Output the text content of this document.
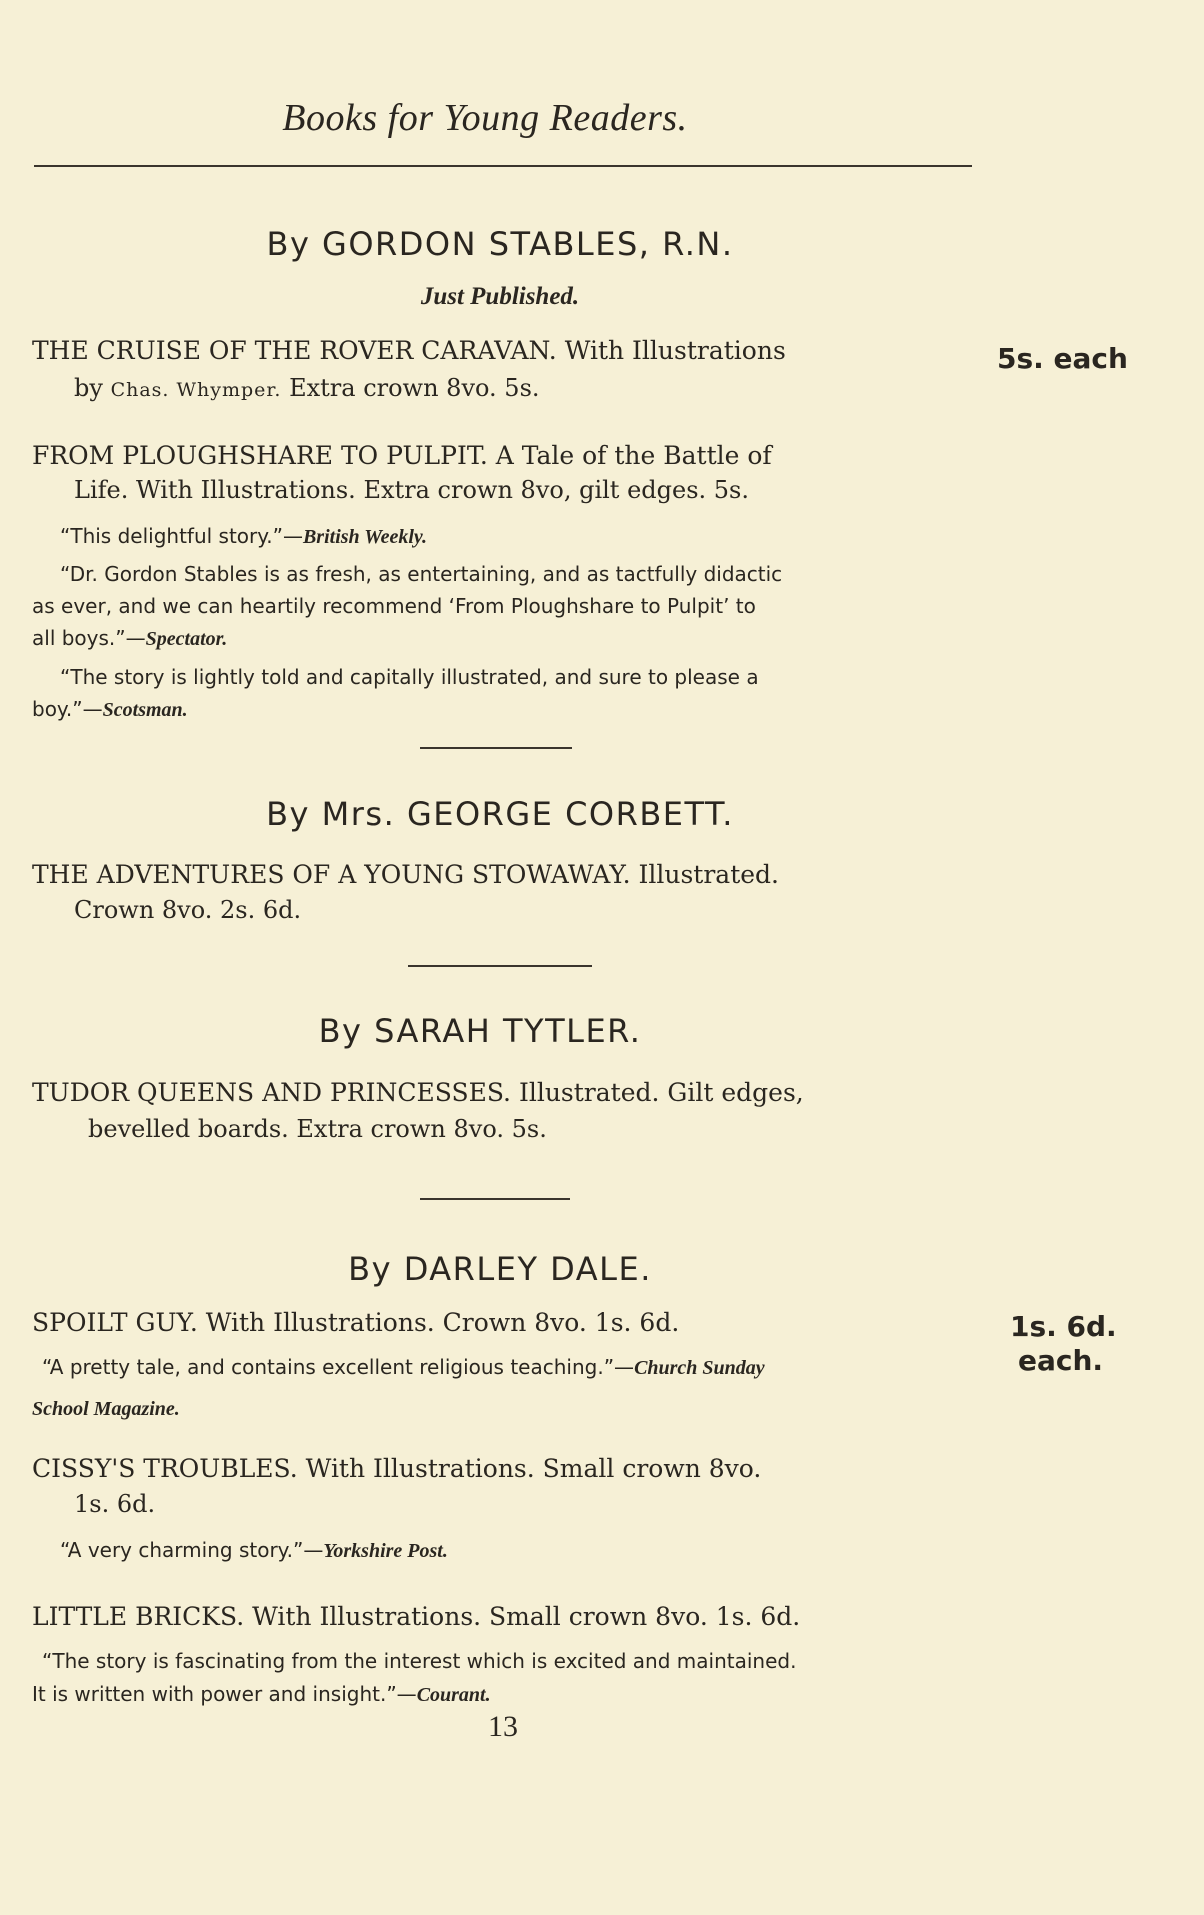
Books for Young Readers.
By GORDON STABLES, R.N.
Just Published.
THE CRUISE OF THE ROVER CARAVAN. With Illustrations	5s. each
by Chas. Whymper. Extra crown 8vo. 5s.
FROM PLOUGHSHARE TO PULPIT. A Tale of the Battle of
Life. With Illustrations. Extra crown 8vo, gilt edges. 5s.
“This delightful story.”—British Weekly.
“Dr. Gordon Stables is as fresh, as entertaining, and as tactfully didactic
as ever, and we can heartily recommend ‘From Ploughshare to Pulpit’ to
all boys.”—Spectator.
“The story is lightly told and capitally illustrated, and sure to please a
boy.”—Scotsman.
By Mrs. GEORGE CORBETT.
THE ADVENTURES OF A YOUNG STOWAWAY. Illustrated.
Crown 8vo. 2s. 6d.
By SARAH TYTLER.
TUDOR QUEENS AND PRINCESSES. Illustrated. Gilt edges,
bevelled boards. Extra crown 8vo. 5s.
By DARLEY DALE.
SPOILT GUY. With Illustrations. Crown 8vo. 1s. 6d.	1s. 6d.
each.
“A pretty tale, and contains excellent religious teaching.”—Church Sunday
School Magazine.
CISSY'S TROUBLES. With Illustrations. Small crown 8vo.
1s. 6d.
“A very charming story.”—Yorkshire Post.
LITTLE BRICKS. With Illustrations. Small crown 8vo. 1s. 6d.
“The story is fascinating from the interest which is excited and maintained.
It is written with power and insight.”—Courant.
13
